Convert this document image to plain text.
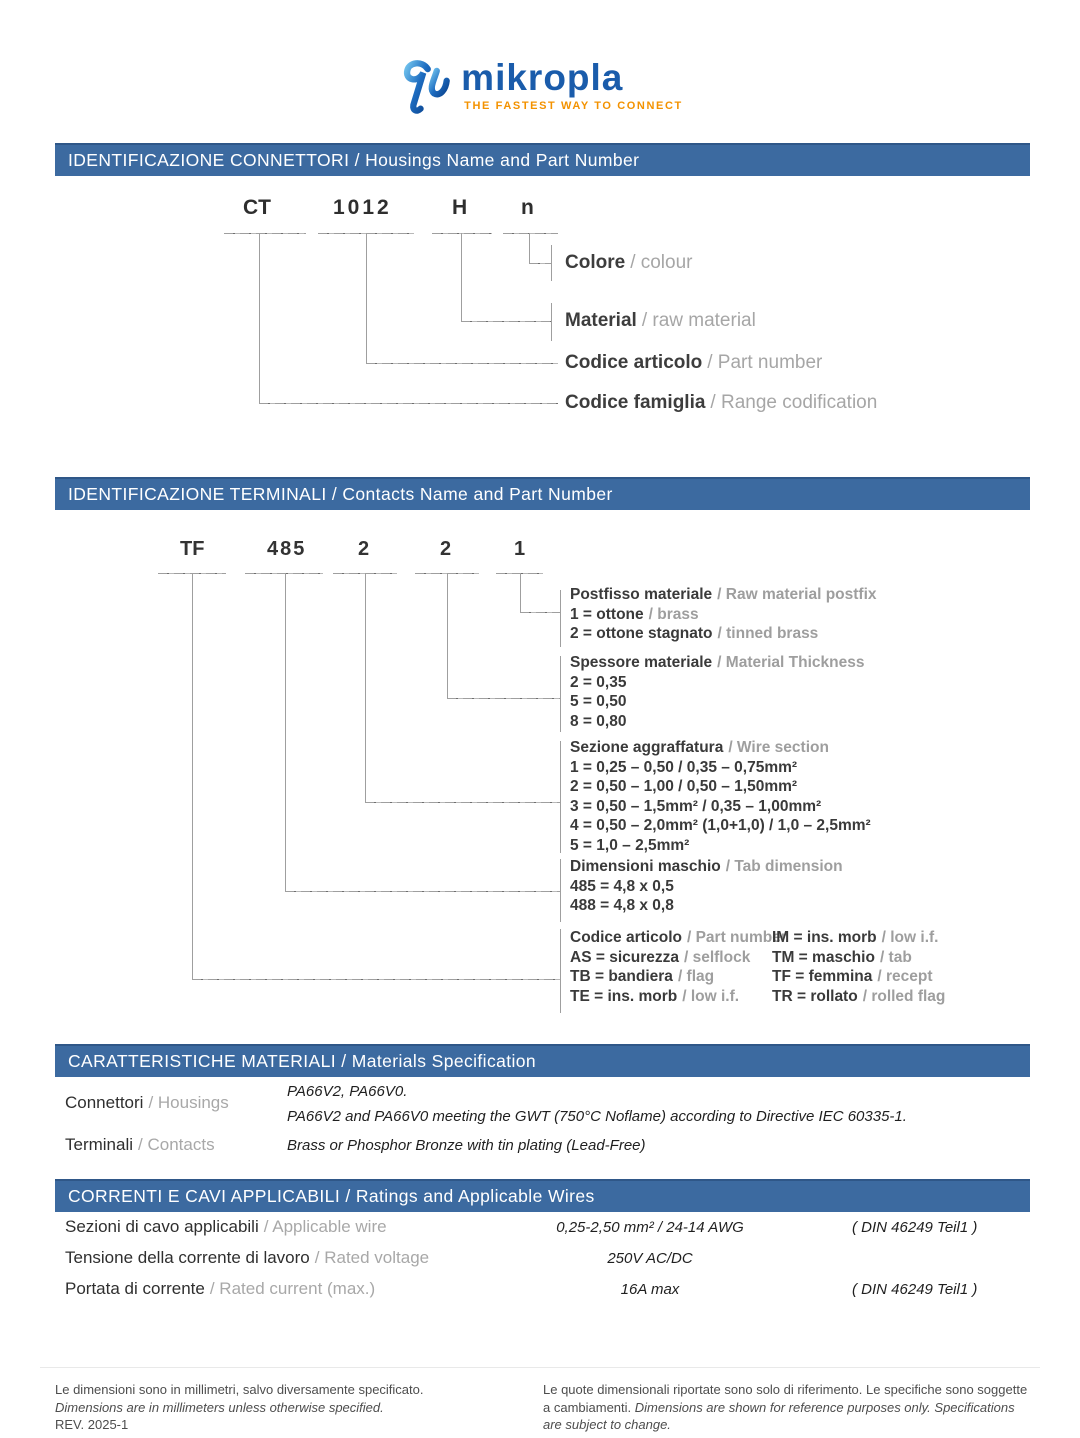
mikropla
THE FASTEST WAY TO CONNECT
IDENTIFICAZIONE CONNETTORI / Housings Name and Part Number
CT	1012	H	n
Colore / colour
Material / raw material
Codice articolo / Part number
Codice famiglia / Range codification
IDENTIFICAZIONE TERMINALI / Contacts Name and Part Number
TF	485	2	2	1
Postfisso materiale / Raw material postfix
1 = ottone / brass
2 = ottone stagnato / tinned brass
Spessore materiale / Material Thickness
2 = 0,35
5 = 0,50
8 = 0,80
Sezione aggraffatura / Wire section
1 = 0,25 – 0,50 / 0,35 – 0,75mm²
2 = 0,50 – 1,00 / 0,50 – 1,50mm²
3 = 0,50 – 1,5mm² / 0,35 – 1,00mm²
4 = 0,50 – 2,0mm² (1,0+1,0) / 1,0 – 2,5mm²
5 = 1,0 – 2,5mm²
Dimensioni maschio / Tab dimension
485 = 4,8 x 0,5
488 = 4,8 x 0,8
Codice articolo / Part number
AS = sicurezza / selflock
TB = bandiera / flag
TE = ins. morb / low i.f.
IM = ins. morb / low i.f.
TM = maschio / tab
TF = femmina / recept
TR = rollato / rolled flag
CARATTERISTICHE MATERIALI / Materials Specification
Connettori / Housings
PA66V2, PA66V0.
PA66V2 and PA66V0 meeting the GWT (750°C Noflame) according to Directive IEC 60335-1.
Terminali / Contacts	Brass or Phosphor Bronze with tin plating (Lead-Free)
CORRENTI E CAVI APPLICABILI / Ratings and Applicable Wires
Sezioni di cavo applicabili / Applicable wire	0,25-2,50 mm² / 24-14 AWG	( DIN 46249 Teil1 )
Tensione della corrente di lavoro / Rated voltage	250V AC/DC
Portata di corrente / Rated current (max.)	16A max	( DIN 46249 Teil1 )
Le dimensioni sono in millimetri, salvo diversamente specificato.
Dimensions are in millimeters unless otherwise specified.
REV. 2025-1
Le quote dimensionali riportate sono solo di riferimento. Le specifiche sono soggette a cambiamenti. Dimensions are shown for reference purposes only. Specifications are subject to change.
